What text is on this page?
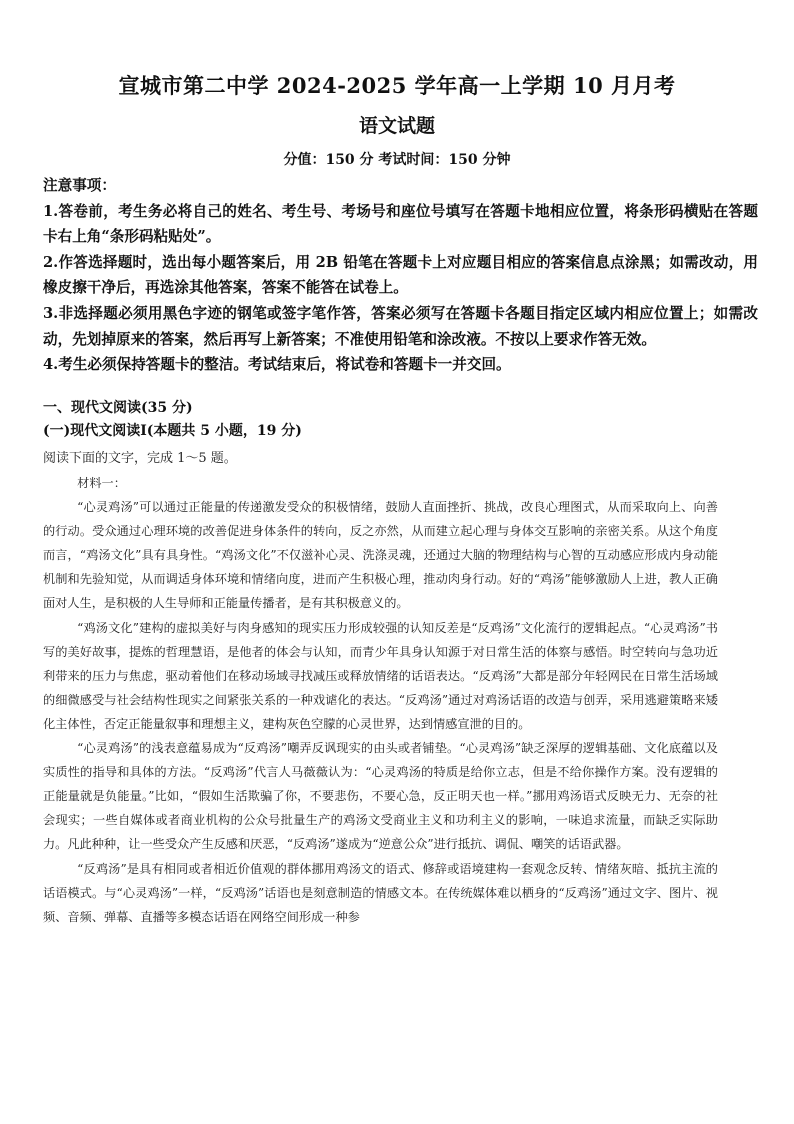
宣城市第二中学 2024-2025 学年高一上学期 10 月月考
语文试题
分值：150 分 考试时间：150 分钟

注意事项：

1.答卷前，考生务必将自己的姓名、考生号、考场号和座位号填写在答题卡地相应位置，将条形码横贴在答题卡右上角“条形码粘贴处”。

2.作答选择题时，选出每小题答案后，用 2B 铅笔在答题卡上对应题目相应的答案信息点涂黑；如需改动，用橡皮擦干净后，再选涂其他答案，答案不能答在试卷上。

3.非选择题必须用黑色字迹的钢笔或签字笔作答，答案必须写在答题卡各题目指定区域内相应位置上；如需改动，先划掉原来的答案，然后再写上新答案；不准使用铅笔和涂改液。不按以上要求作答无效。

4.考生必须保持答题卡的整洁。考试结束后，将试卷和答题卡一并交回。

一、现代文阅读(35 分)

(一)现代文阅读Ⅰ(本题共 5 小题，19 分)

阅读下面的文字，完成 1～5 题。

材料一：

“心灵鸡汤”可以通过正能量的传递激发受众的积极情绪，鼓励人直面挫折、挑战，改良心理图式，从而采取向上、向善的行动。受众通过心理环境的改善促进身体条件的转向，反之亦然，从而建立起心理与身体交互影响的亲密关系。从这个角度而言，“鸡汤文化”具有具身性。“鸡汤文化”不仅滋补心灵、洗涤灵魂，还通过大脑的物理结构与心智的互动感应形成内身动能机制和先验知觉，从而调适身体环境和情绪向度，进而产生积极心理，推动肉身行动。好的“鸡汤”能够激励人上进，教人正确面对人生，是积极的人生导师和正能量传播者，是有其积极意义的。

“鸡汤文化”建构的虚拟美好与肉身感知的现实压力形成较强的认知反差是“反鸡汤”文化流行的逻辑起点。“心灵鸡汤”书写的美好故事，提炼的哲理慧语，是他者的体会与认知，而青少年具身认知源于对日常生活的体察与感悟。时空转向与急功近利带来的压力与焦虑，驱动着他们在移动场域寻找减压或释放情绪的话语表达。“反鸡汤”大都是部分年轻网民在日常生活场域的细微感受与社会结构性现实之间紧张关系的一种戏谑化的表达。“反鸡汤”通过对鸡汤话语的改造与创弄，采用逃避策略来矮化主体性，否定正能量叙事和理想主义，建构灰色空朦的心灵世界，达到情感宣泄的目的。

“心灵鸡汤”的浅表意蕴易成为“反鸡汤”嘲弄反讽现实的由头或者铺垫。“心灵鸡汤”缺乏深厚的逻辑基础、文化底蕴以及实质性的指导和具体的方法。“反鸡汤”代言人马薇薇认为：“心灵鸡汤的特质是给你立志，但是不给你操作方案。没有逻辑的正能量就是负能量。”比如，“假如生活欺骗了你，不要悲伤，不要心急，反正明天也一样。”挪用鸡汤语式反映无力、无奈的社会现实；一些自媒体或者商业机构的公众号批量生产的鸡汤文受商业主义和功利主义的影响，一味追求流量，而缺乏实际助力。凡此种种，让一些受众产生反感和厌恶，“反鸡汤”遂成为“逆意公众”进行抵抗、调侃、嘲笑的话语武器。

“反鸡汤”是具有相同或者相近价值观的群体挪用鸡汤文的语式、修辞或语境建构一套观念反转、情绪灰暗、抵抗主流的话语模式。与“心灵鸡汤”一样，“反鸡汤”话语也是刻意制造的情感文本。在传统媒体难以栖身的“反鸡汤”通过文字、图片、视频、音频、弹幕、直播等多模态话语在网络空间形成一种参
